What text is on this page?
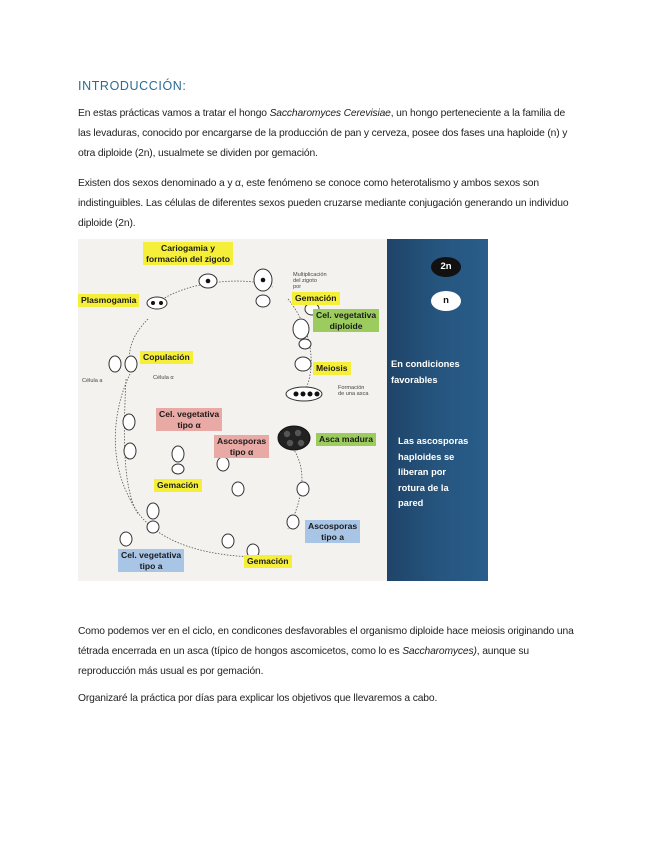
INTRODUCCIÓN:

En estas prácticas vamos a tratar el hongo Saccharomyces Cerevisiae, un hongo perteneciente a la familia de las levaduras, conocido por encargarse de la producción de pan y cerveza, posee dos fases una haploide (n) y otra diploide (2n), usualmete se dividen por gemación.

Existen dos sexos denominado a y α, este fenómeno se conoce como heterotalismo y ambos sexos son indistinguibles. Las células de diferentes sexos pueden cruzarse mediante conjugación generando un individuo diploide (2n).

Cariogamia y
formación del zigoto
Multiplicación
del zigoto
por
Plasmogamia	Gemación
Cel. vegetativa
diploide
Copulación
Célula a	Célula α
Meiosis
Formación
de una asca
Cel. vegetativa
tipo α
Ascosporas
tipo α
Asca madura
Gemación
Ascosporas
tipo a
Gemación
Cel. vegetativa
tipo a
2n
n
En condiciones
favorables
Las ascosporas
haploides se
liberan por
rotura de la
pared

Como podemos ver en el ciclo, en condicones desfavorables el organismo diploide hace meiosis originando una tétrada encerrada en un asca (típico de hongos ascomicetos, como lo es Saccharomyces), aunque su reproducción más usual es por gemación.

Organizaré la práctica por días para explicar los objetivos que llevaremos a cabo.
